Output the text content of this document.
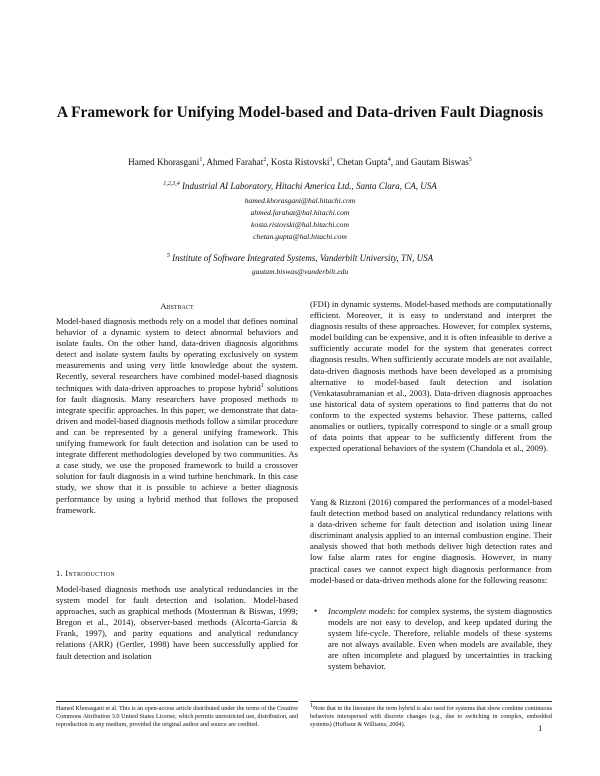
A Framework for Unifying Model-based and Data-driven Fault Diagnosis
Hamed Khorasgani$^1$, Ahmed Farahat$^2$, Kosta Ristovski$^3$, Chetan Gupta$^4$, and Gautam Biswas$^5$
$^{1,2,3,4}$ Industrial AI Laboratory, Hitachi America Ltd., Santa Clara, CA, USA
hamed.khorasgani@hal.hitachi.com
ahmed.farahat@hal.hitachi.com
kosta.ristovski@hal.hitachi.com
chetan.gupta@hal.hitachi.com
$^5$ Institute of Software Integrated Systems, Vanderbilt University, TN, USA
gautam.biswas@vanderbilt.edu
Abstract
Model-based diagnosis methods rely on a model that defines nominal behavior of a dynamic system to detect abnormal behaviors and isolate faults. On the other hand, data-driven diagnosis algorithms detect and isolate system faults by operating exclusively on system measurements and using very little knowledge about the system. Recently, several researchers have combined model-based diagnosis techniques with data-driven approaches to propose hybrid$^1$ solutions for fault diagnosis. Many researchers have proposed methods to integrate specific approaches. In this paper, we demonstrate that data-driven and model-based diagnosis methods follow a similar procedure and can be represented by a general unifying framework. This unifying framework for fault detection and isolation can be used to integrate different methodologies developed by two communities. As a case study, we use the proposed framework to build a crossover solution for fault diagnosis in a wind turbine benchmark. In this case study, we show that it is possible to achieve a better diagnosis performance by using a hybrid method that follows the proposed framework.
1. Introduction
Model-based diagnosis methods use analytical redundancies in the system model for fault detection and isolation. Model-based approaches, such as graphical methods (Mosterman & Biswas, 1999; Bregon et al., 2014), observer-based methods (Alcorta-Garcia & Frank, 1997), and parity equations and analytical redundancy relations (ARR) (Gertler, 1998) have been successfully applied for fault detection and isolation
Hamed Khorasgani et al. This is an open-access article distributed under the terms of the Creative Commons Attribution 3.0 United States License, which permits unrestricted use, distribution, and reproduction in any medium, provided the original author and source are credited.
(FDI) in dynamic systems. Model-based methods are computationally efficient. Moreover, it is easy to understand and interpret the diagnosis results of these approaches. However, for complex systems, model building can be expensive, and it is often infeasible to derive a sufficiently accurate model for the system that generates correct diagnosis results. When sufficiently accurate models are not available, data-driven diagnosis methods have been developed as a promising alternative to model-based fault detection and isolation (Venkatasubramanian et al., 2003). Data-driven diagnosis approaches use historical data of system operations to find patterns that do not conform to the expected systems behavior. These patterns, called anomalies or outliers, typically correspond to single or a small group of data points that appear to be sufficiently different from the expected operational behaviors of the system (Chandola et al., 2009).
Yang & Rizzoni (2016) compared the performances of a model-based fault detection method based on analytical redundancy relations with a data-driven scheme for fault detection and isolation using linear discriminant analysis applied to an internal combustion engine. Their analysis showed that both methods deliver high detection rates and low false alarm rates for engine diagnosis. However, in many practical cases we cannot expect high diagnosis performance from model-based or data-driven methods alone for the following reasons:
• Incomplete models: for complex systems, the system diagnostics models are not easy to develop, and keep updated during the system life-cycle. Therefore, reliable models of these systems are not always available. Even when models are available, they are often incomplete and plagued by uncertainties in tracking system behavior.
$^1$Note that in the literature the term hybrid is also used for systems that show combine continuous behaviors interspersed with discrete changes (e.g., due to switching in complex, embedded systems) (Hofbaur & Williams, 2004).	1
